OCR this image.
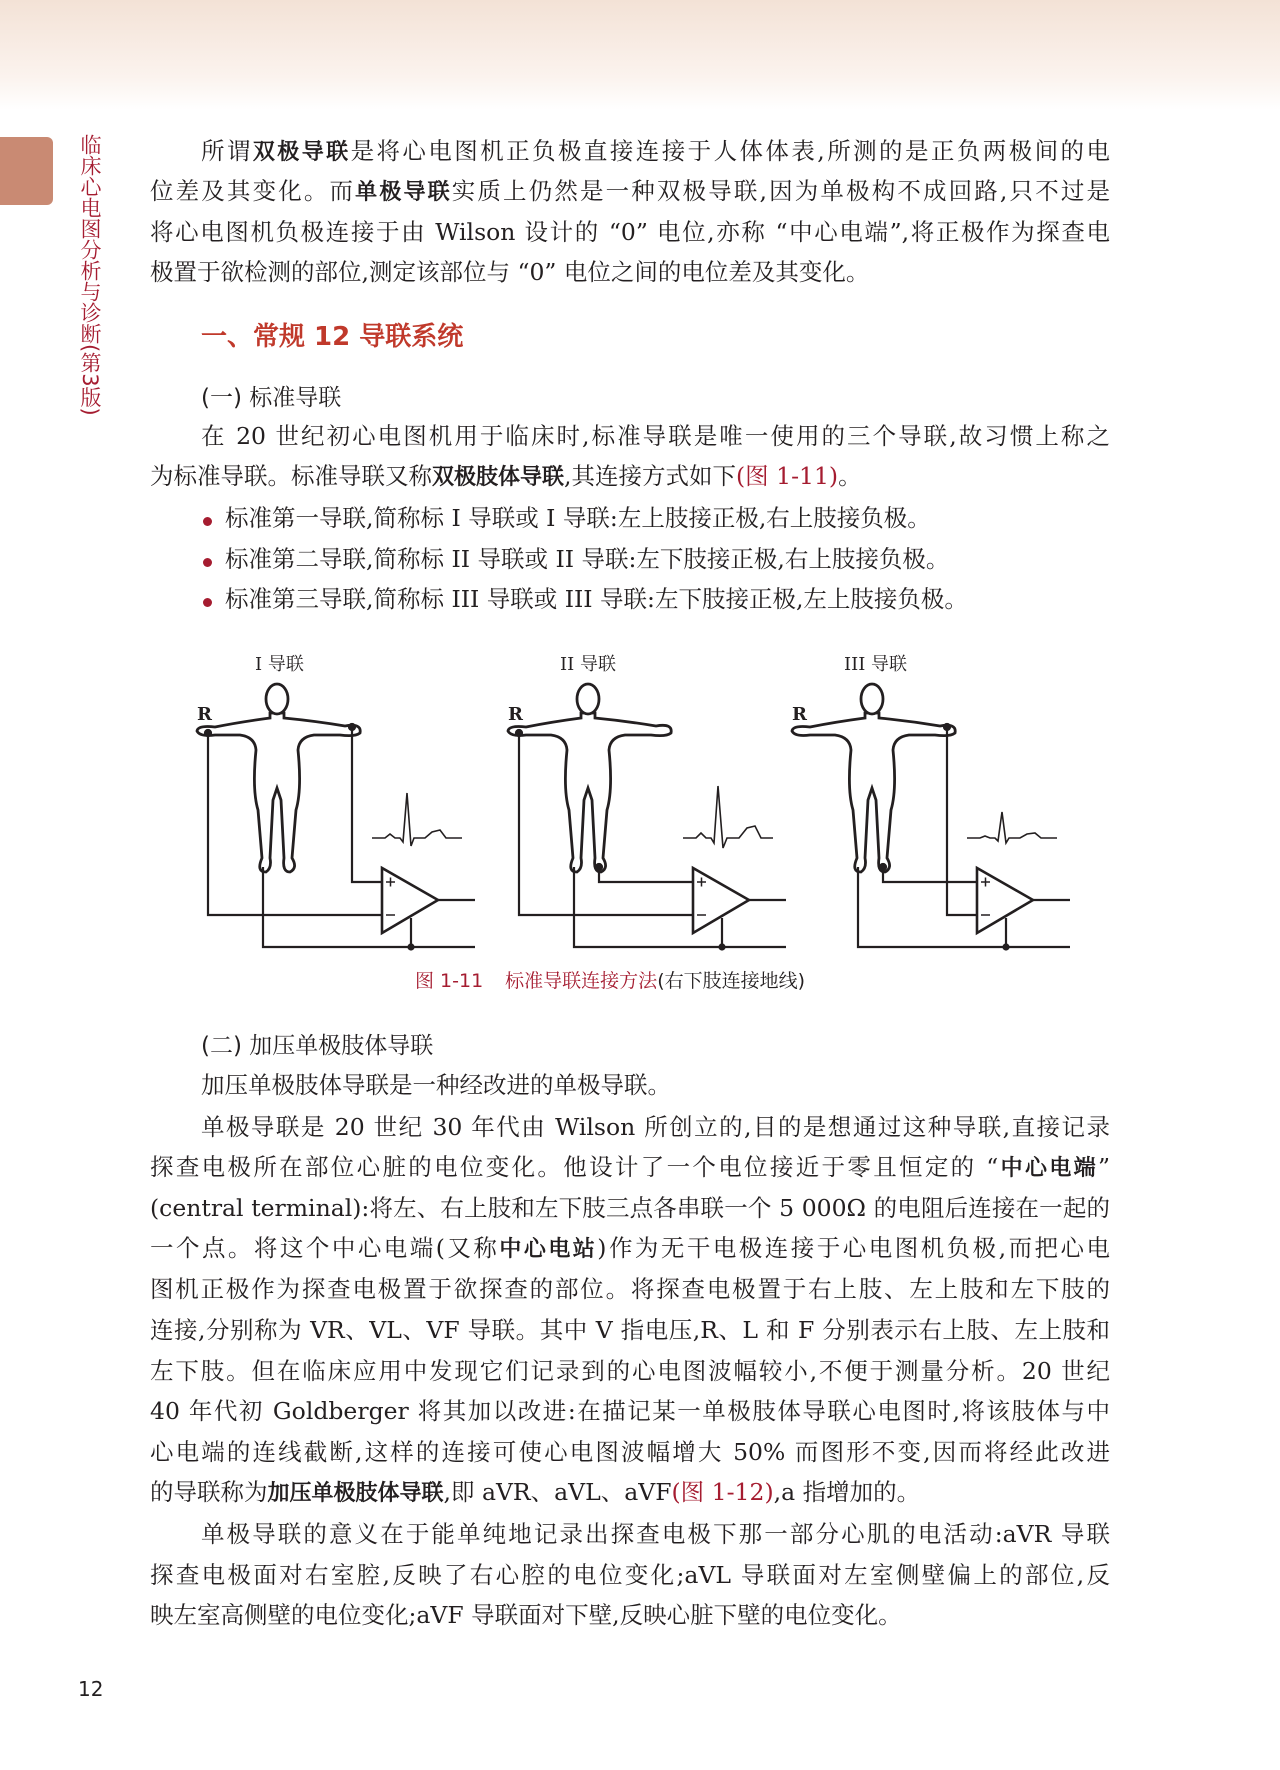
临床心电图分析与诊断(第3版)	所谓双极导联是将心电图机正负极直接连接于人体体表,所测的是正负两极间的电
位差及其变化。而单极导联实质上仍然是一种双极导联,因为单极构不成回路,只不过是
将心电图机负极连接于由 Wilson 设计的 “0” 电位,亦称 “中心电端”,将正极作为探查电
极置于欲检测的部位,测定该部位与 “0” 电位之间的电位差及其变化。
一、常规 12 导联系统
(一) 标准导联
在 20 世纪初心电图机用于临床时,标准导联是唯一使用的三个导联,故习惯上称之
为标准导联。标准导联又称双极肢体导联,其连接方式如下(图 1-11)。
标准第一导联,简称标 I 导联或 I 导联:左上肢接正极,右上肢接负极。
标准第二导联,简称标 II 导联或 II 导联:左下肢接正极,右上肢接负极。
标准第三导联,简称标 III 导联或 III 导联:左下肢接正极,左上肢接负极。
I 导联	II 导联	III 导联
R	R	R
图 1-11 标准导联连接方法(右下肢连接地线)
(二) 加压单极肢体导联
加压单极肢体导联是一种经改进的单极导联。
单极导联是 20 世纪 30 年代由 Wilson 所创立的,目的是想通过这种导联,直接记录
探查电极所在部位心脏的电位变化。他设计了一个电位接近于零且恒定的 “中心电端”
(central terminal):将左、右上肢和左下肢三点各串联一个 5 000Ω 的电阻后连接在一起的
一个点。将这个中心电端(又称中心电站)作为无干电极连接于心电图机负极,而把心电
图机正极作为探查电极置于欲探查的部位。将探查电极置于右上肢、左上肢和左下肢的
连接,分别称为 VR、VL、VF 导联。其中 V 指电压,R、L 和 F 分别表示右上肢、左上肢和
左下肢。但在临床应用中发现它们记录到的心电图波幅较小,不便于测量分析。20 世纪
40 年代初 Goldberger 将其加以改进:在描记某一单极肢体导联心电图时,将该肢体与中
心电端的连线截断,这样的连接可使心电图波幅增大 50% 而图形不变,因而将经此改进
的导联称为加压单极肢体导联,即 aVR、aVL、aVF(图 1-12),a 指增加的。
单极导联的意义在于能单纯地记录出探查电极下那一部分心肌的电活动:aVR 导联
探查电极面对右室腔,反映了右心腔的电位变化;aVL 导联面对左室侧壁偏上的部位,反
映左室高侧壁的电位变化;aVF 导联面对下壁,反映心脏下壁的电位变化。
12
